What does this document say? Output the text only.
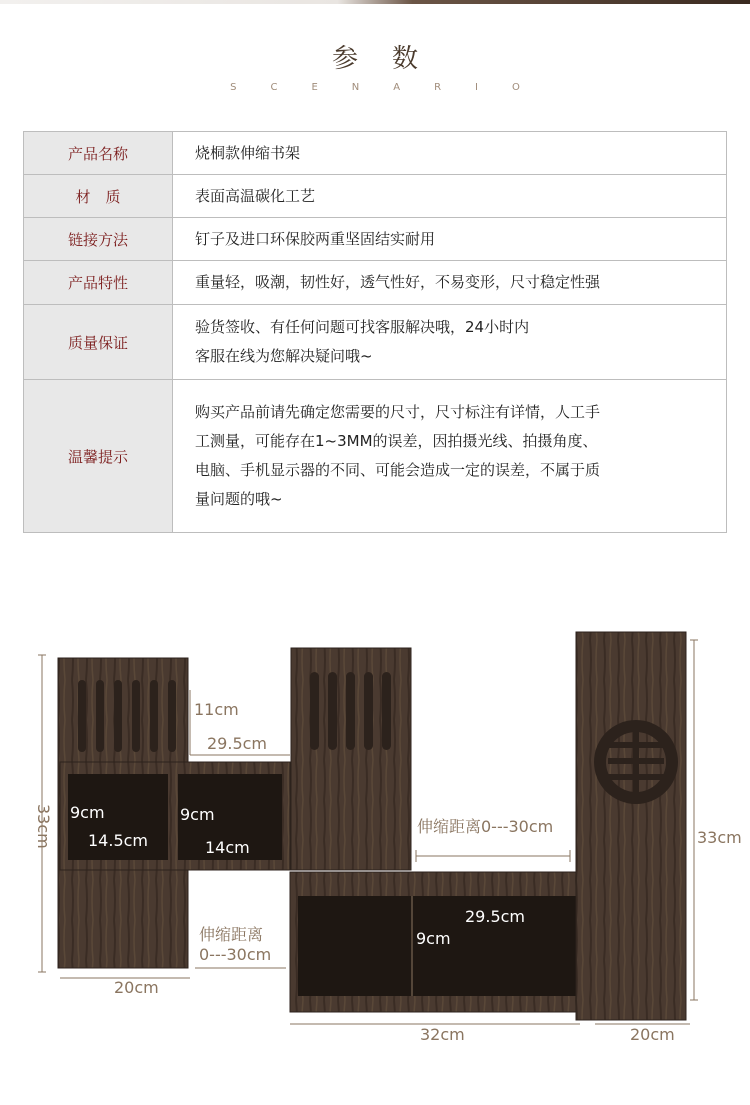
参数
SCENARIO
产品名称	烧桐款伸缩书架

材　质	表面高温碳化工艺

链接方法	钉子及进口环保胶两重坚固结实耐用

产品特性	重量轻，吸潮，韧性好，透气性好，不易变形，尺寸稳定性强

质量保证	验货签收、有任何问题可找客服解决哦，24小时内
客服在线为您解决疑问哦~

温馨提示	购买产品前请先确定您需要的尺寸，尺寸标注有详情，人工手
工测量，可能存在1~3MM的误差，因拍摄光线、拍摄角度、
电脑、手机显示器的不同、可能会造成一定的误差，不属于质
量问题的哦~
11cm
29.5cm
33cm 9cm
14.5cm
9cm
14cm
伸缩距离0---30cm
33cm
29.5cm
9cm
伸缩距离
0---30cm
20cm
32cm	20cm
